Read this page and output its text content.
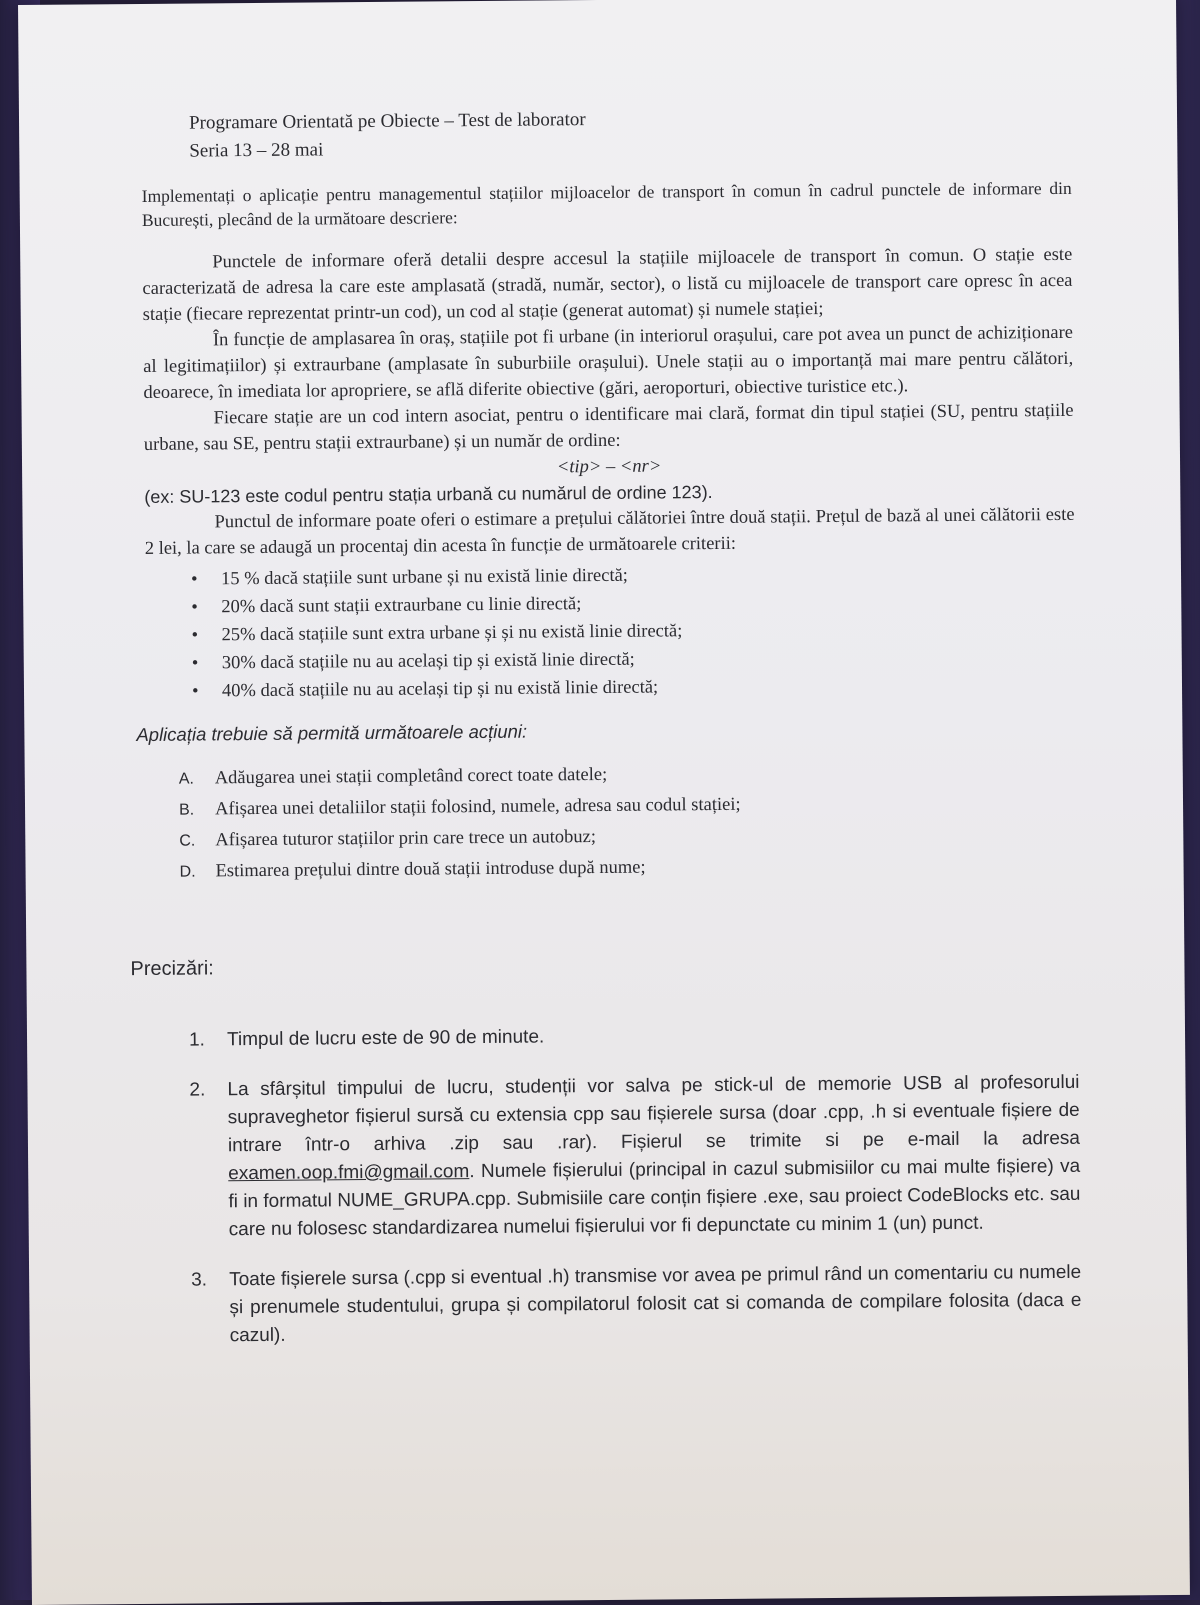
Programare Orientată pe Obiecte – Test de laborator
Seria 13 – 28 mai

Implementați o aplicație pentru managementul stațiilor mijloacelor de transport în comun în cadrul punctele de informare din București, plecând de la următoare descriere:

Punctele de informare oferă detalii despre accesul la stațiile mijloacele de transport în comun. O stație este caracterizată de adresa la care este amplasată (stradă, număr, sector), o listă cu mijloacele de transport care opresc în acea stație (fiecare reprezentat printr-un cod), un cod al stație (generat automat) și numele stației;

În funcție de amplasarea în oraș, stațiile pot fi urbane (in interiorul orașului, care pot avea un punct de achiziționare al legitimațiilor) și extraurbane (amplasate în suburbiile orașului). Unele stații au o importanță mai mare pentru călători, deoarece, în imediata lor apropriere, se află diferite obiective (gări, aeroporturi, obiective turistice etc.).

Fiecare stație are un cod intern asociat, pentru o identificare mai clară, format din tipul stației (SU, pentru stațiile urbane, sau SE, pentru stații extraurbane) și un număr de ordine:

<tip> – <nr>

(ex: SU-123 este codul pentru stația urbană cu numărul de ordine 123).

Punctul de informare poate oferi o estimare a prețului călătoriei între două stații. Prețul de bază al unei călătorii este 2 lei, la care se adaugă un procentaj din acesta în funcție de următoarele criterii:

• 15 % dacă stațiile sunt urbane și nu există linie directă;
• 20% dacă sunt stații extraurbane cu linie directă;
• 25% dacă stațiile sunt extra urbane și și nu există linie directă;
• 30% dacă stațiile nu au același tip și există linie directă;
• 40% dacă stațiile nu au același tip și nu există linie directă;
Aplicația trebuie să permită următoarele acțiuni:
A. Adăugarea unei stații completând corect toate datele;
B. Afișarea unei detaliilor stații folosind, numele, adresa sau codul stației;
C. Afișarea tuturor stațiilor prin care trece un autobuz;
D. Estimarea prețului dintre două stații introduse după nume;
Precizări:
1. Timpul de lucru este de 90 de minute.
2. La sfârșitul timpului de lucru, studenții vor salva pe stick-ul de memorie USB al profesorului supraveghetor fișierul sursă cu extensia cpp sau fișierele sursa (doar .cpp, .h si eventuale fișiere de intrare într-o arhiva .zip sau .rar). Fișierul se trimite si pe e-mail la adresa examen.oop.fmi@gmail.com. Numele fișierului (principal in cazul submisiilor cu mai multe fișiere) va fi in formatul NUME_GRUPA.cpp. Submisiile care conțin fișiere .exe, sau proiect CodeBlocks etc. sau care nu folosesc standardizarea numelui fișierului vor fi depunctate cu minim 1 (un) punct.
3. Toate fișierele sursa (.cpp si eventual .h) transmise vor avea pe primul rând un comentariu cu numele și prenumele studentului, grupa și compilatorul folosit cat si comanda de compilare folosita (daca e cazul).
